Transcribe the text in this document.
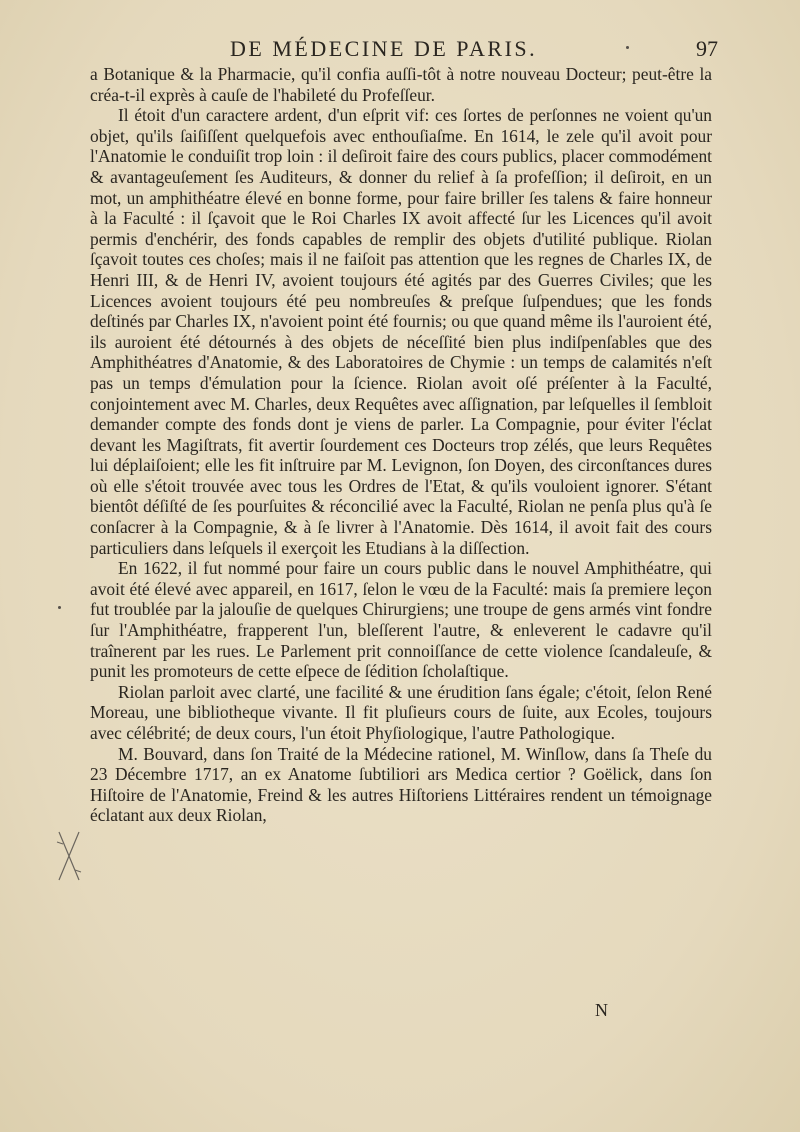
DE MÉDECINE DE PARIS.	97

a Botanique & la Pharmacie, qu'il confia auſſi-tôt à notre nouveau Docteur; peut-être la créa-t-il exprès à cauſe de l'habileté du Profeſſeur.

Il étoit d'un caractere ardent, d'un eſprit vif: ces ſortes de perſonnes ne voient qu'un objet, qu'ils ſaiſiſſent quelquefois avec enthouſiaſme. En 1614, le zele qu'il avoit pour l'Anatomie le conduiſit trop loin : il deſiroit faire des cours publics, placer commodément & avantageuſement ſes Auditeurs, & donner du relief à ſa profeſſion; il deſiroit, en un mot, un amphithéatre élevé en bonne forme, pour faire briller ſes talens & faire honneur à la Faculté : il ſçavoit que le Roi Charles IX avoit affecté ſur les Licences qu'il avoit permis d'enchérir, des fonds capables de remplir des objets d'utilité publique. Riolan ſçavoit toutes ces choſes; mais il ne faiſoit pas attention que les regnes de Charles IX, de Henri III, & de Henri IV, avoient toujours été agités par des Guerres Civiles; que les Licences avoient toujours été peu nombreuſes & preſque ſuſpendues; que les fonds deſtinés par Charles IX, n'avoient point été fournis; ou que quand même ils l'auroient été, ils auroient été détournés à des objets de néceſſité bien plus indiſpenſables que des Amphithéatres d'Anatomie, & des Laboratoires de Chymie : un temps de calamités n'eſt pas un temps d'émulation pour la ſcience. Riolan avoit oſé préſenter à la Faculté, conjointement avec M. Charles, deux Requêtes avec aſſignation, par leſquelles il ſembloit demander compte des fonds dont je viens de parler. La Compagnie, pour éviter l'éclat devant les Magiſtrats, fit avertir ſourdement ces Docteurs trop zélés, que leurs Requêtes lui déplaiſoient; elle les fit inſtruire par M. Levignon, ſon Doyen, des circonſtances dures où elle s'étoit trouvée avec tous les Ordres de l'Etat, & qu'ils vouloient ignorer. S'étant bientôt déſiſté de ſes pourſuites & réconcilié avec la Faculté, Riolan ne penſa plus qu'à ſe conſacrer à la Compagnie, & à ſe livrer à l'Anatomie. Dès 1614, il avoit fait des cours particuliers dans leſquels il exerçoit les Etudians à la diſſection.

En 1622, il fut nommé pour faire un cours public dans le nouvel Amphithéatre, qui avoit été élevé avec appareil, en 1617, ſelon le vœu de la Faculté: mais ſa premiere leçon fut troublée par la jalouſie de quelques Chirurgiens; une troupe de gens armés vint fondre ſur l'Amphithéatre, frapperent l'un, bleſſerent l'autre, & enleverent le cadavre qu'il traînerent par les rues. Le Parlement prit connoiſſance de cette violence ſcandaleuſe, & punit les promoteurs de cette eſpece de ſédition ſcholaſtique.

Riolan parloit avec clarté, une facilité & une érudition ſans égale; c'étoit, ſelon René Moreau, une bibliotheque vivante. Il fit pluſieurs cours de ſuite, aux Ecoles, toujours avec célébrité; de deux cours, l'un étoit Phyſiologique, l'autre Pathologique.

M. Bouvard, dans ſon Traité de la Médecine rationel, M. Winſlow, dans ſa Theſe du 23 Décembre 1717, an ex Anatome ſubtiliori ars Medica certior ? Goëlick, dans ſon Hiſtoire de l'Anatomie, Freind & les autres Hiſtoriens Littéraires rendent un témoignage éclatant aux deux Riolan,

N
